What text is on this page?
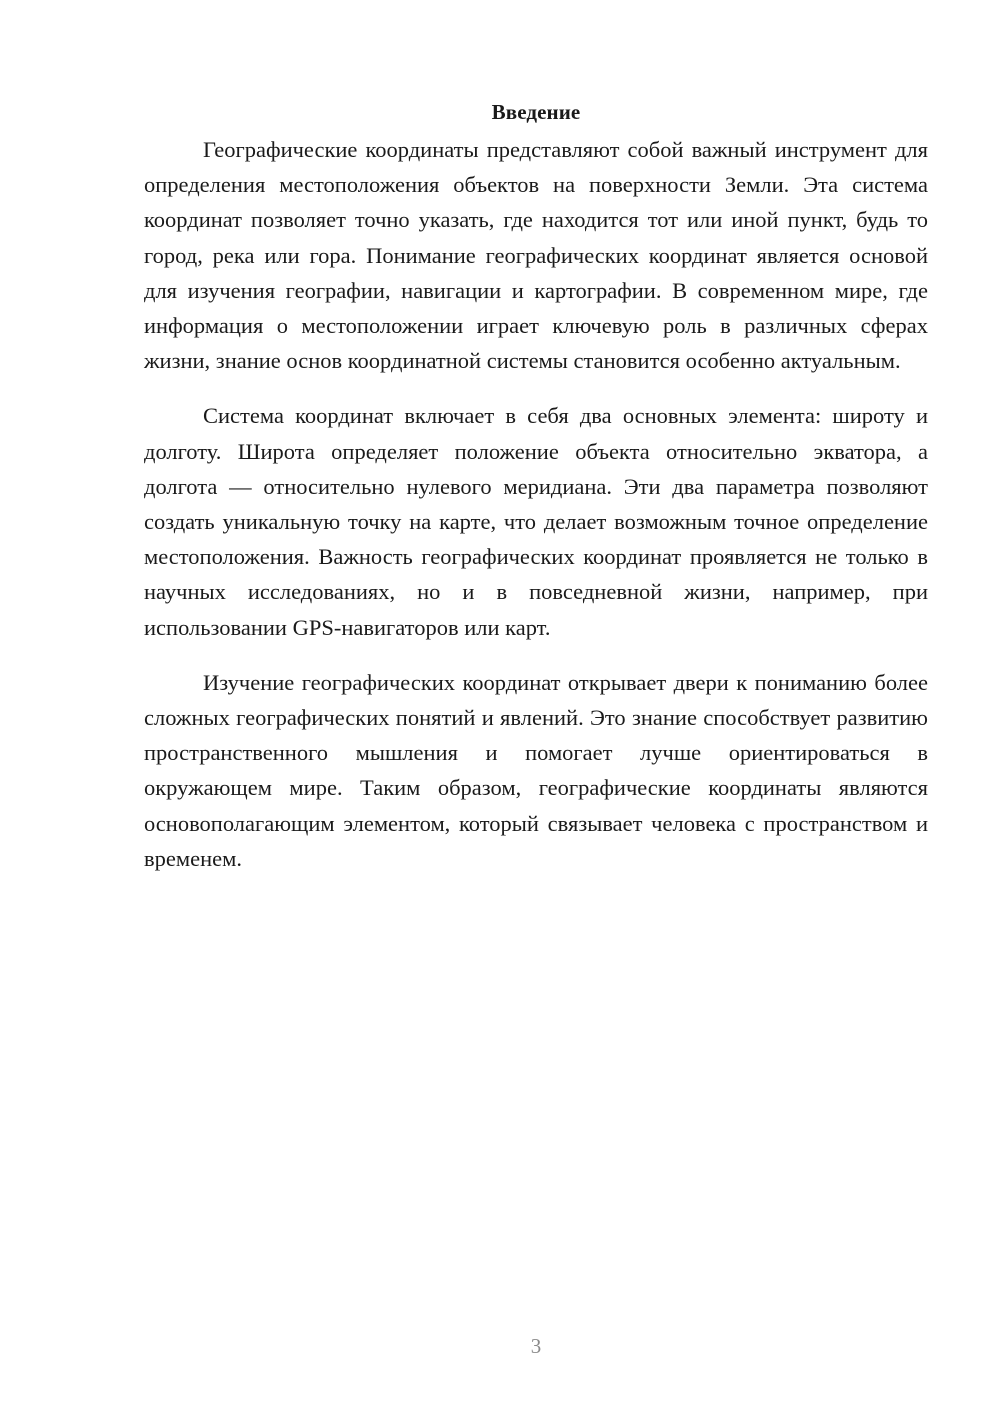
Введение

Географические координаты представляют собой важный инструмент для определения местоположения объектов на поверхности Земли. Эта система координат позволяет точно указать, где находится тот или иной пункт, будь то город, река или гора. Понимание географических координат является основой для изучения географии, навигации и картографии. В современном мире, где информация о местоположении играет ключевую роль в различных сферах жизни, знание основ координатной системы становится особенно актуальным.

Система координат включает в себя два основных элемента: широту и долготу. Широта определяет положение объекта относительно экватора, а долгота — относительно нулевого меридиана. Эти два параметра позволяют создать уникальную точку на карте, что делает возможным точное определение местоположения. Важность географических координат проявляется не только в научных исследованиях, но и в повседневной жизни, например, при использовании GPS-навигаторов или карт.

Изучение географических координат открывает двери к пониманию более сложных географических понятий и явлений. Это знание способствует развитию пространственного мышления и помогает лучше ориентироваться в окружающем мире. Таким образом, географические координаты являются основополагающим элементом, который связывает человека с пространством и временем.

3
